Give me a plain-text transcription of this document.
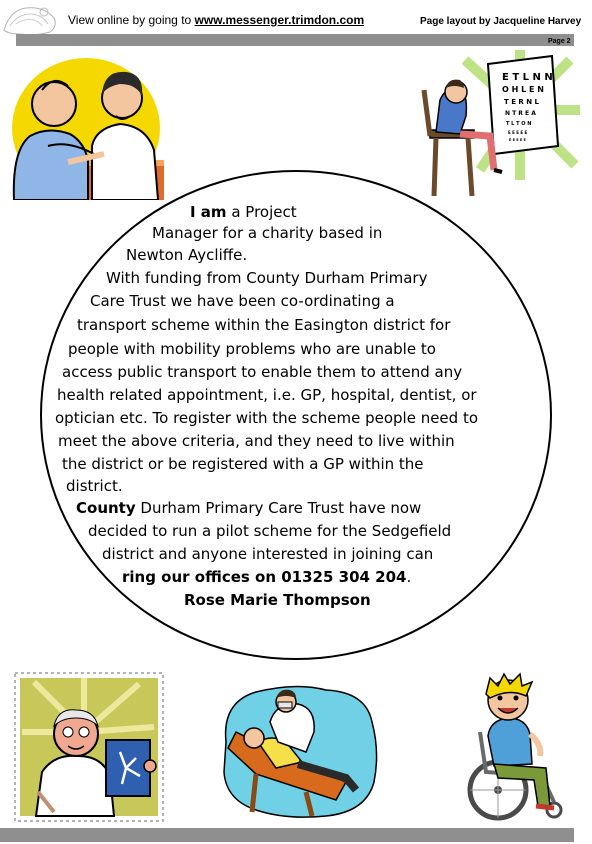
View online by going to www.messenger.trimdon.com	Page layout by Jacqueline Harvey
Page 2
E T L N N
O H L E N
T E R N L
N T R E A
T L T O N
E E E E E
E E E E E
I am a Project
Manager for a charity based in
Newton Aycliffe.
With funding from County Durham Primary
Care Trust we have been co-ordinating a
transport scheme within the Easington district for
people with mobility problems who are unable to
access public transport to enable them to attend any
health related appointment, i.e. GP, hospital, dentist, or
optician etc. To register with the scheme people need to
meet the above criteria, and they need to live within
the district or be registered with a GP within the
district.
County Durham Primary Care Trust have now
decided to run a pilot scheme for the Sedgefield
district and anyone interested in joining can
ring our offices on 01325 304 204.
Rose Marie Thompson
